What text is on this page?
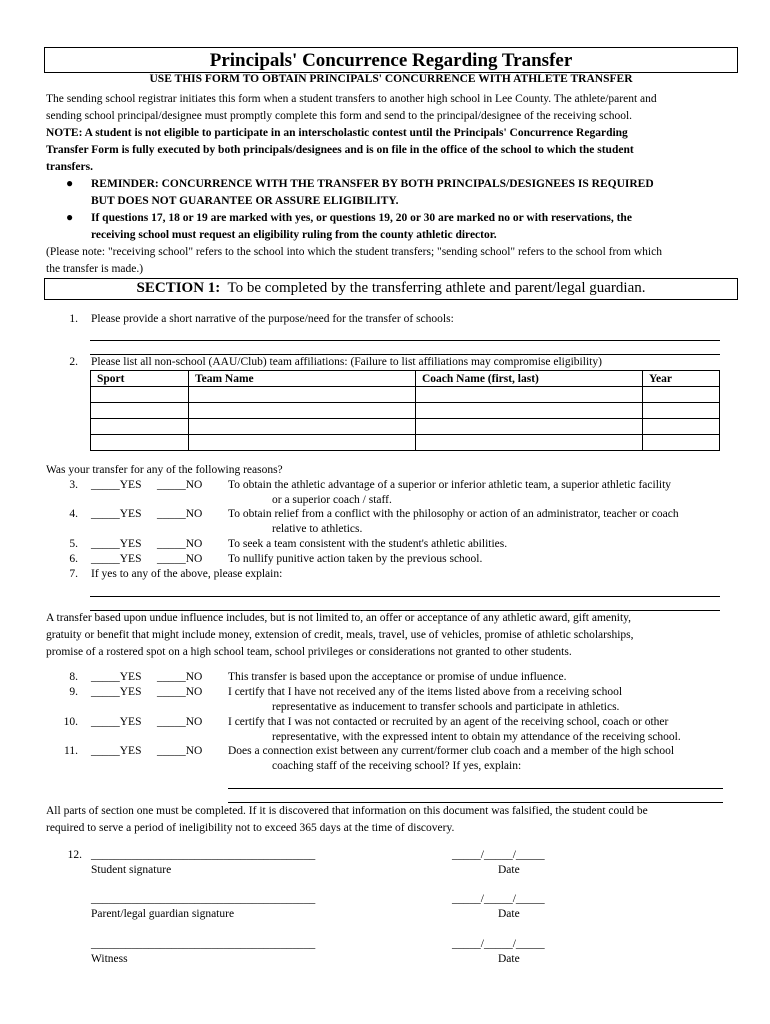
Principals' Concurrence Regarding Transfer
USE THIS FORM TO OBTAIN PRINCIPALS' CONCURRENCE WITH ATHLETE TRANSFER
The sending school registrar initiates this form when a student transfers to another high school in Lee County. The athlete/parent and
sending school principal/designee must promptly complete this form and send to the principal/designee of the receiving school.
NOTE: A student is not eligible to participate in an interscholastic contest until the Principals' Concurrence Regarding
Transfer Form is fully executed by both principals/designees and is on file in the office of the school to which the student
transfers.
● REMINDER: CONCURRENCE WITH THE TRANSFER BY BOTH PRINCIPALS/DESIGNEES IS REQUIRED
BUT DOES NOT GUARANTEE OR ASSURE ELIGIBILITY.
● If questions 17, 18 or 19 are marked with yes, or questions 19, 20 or 30 are marked no or with reservations, the
receiving school must request an eligibility ruling from the county athletic director.
(Please note: "receiving school" refers to the school into which the student transfers; "sending school" refers to the school from which
the transfer is made.)
SECTION 1: To be completed by the transferring athlete and parent/legal guardian.
1. Please provide a short narrative of the purpose/need for the transfer of schools:
2. Please list all non-school (AAU/Club) team affiliations: (Failure to list affiliations may compromise eligibility)
Sport	Team Name	Coach Name (first, last)	Year

Was your transfer for any of the following reasons?
3. _____YES _____NO To obtain the athletic advantage of a superior or inferior athletic team, a superior athletic facility
or a superior coach / staff.
4. _____YES _____NO To obtain relief from a conflict with the philosophy or action of an administrator, teacher or coach
relative to athletics.
5. _____YES _____NO To seek a team consistent with the student's athletic abilities.
6. _____YES _____NO To nullify punitive action taken by the previous school.
7. If yes to any of the above, please explain:
A transfer based upon undue influence includes, but is not limited to, an offer or acceptance of any athletic award, gift amenity,
gratuity or benefit that might include money, extension of credit, meals, travel, use of vehicles, promise of athletic scholarships,
promise of a rostered spot on a high school team, school privileges or considerations not granted to other students.
8. _____YES _____NO This transfer is based upon the acceptance or promise of undue influence.
9. _____YES _____NO I certify that I have not received any of the items listed above from a receiving school
representative as inducement to transfer schools and participate in athletics.
10. _____YES _____NO I certify that I was not contacted or recruited by an agent of the receiving school, coach or other
representative, with the expressed intent to obtain my attendance of the receiving school.
11. _____YES _____NO Does a connection exist between any current/former club coach and a member of the high school
coaching staff of the receiving school? If yes, explain:
All parts of section one must be completed. If it is discovered that information on this document was falsified, the student could be
required to serve a period of ineligibility not to exceed 365 days at the time of discovery.
12. _______________________________________
Student signature
_____/_____/_____
Date
_______________________________________
Parent/legal guardian signature
_____/_____/_____
Date
_______________________________________
Witness
_____/_____/_____
Date
